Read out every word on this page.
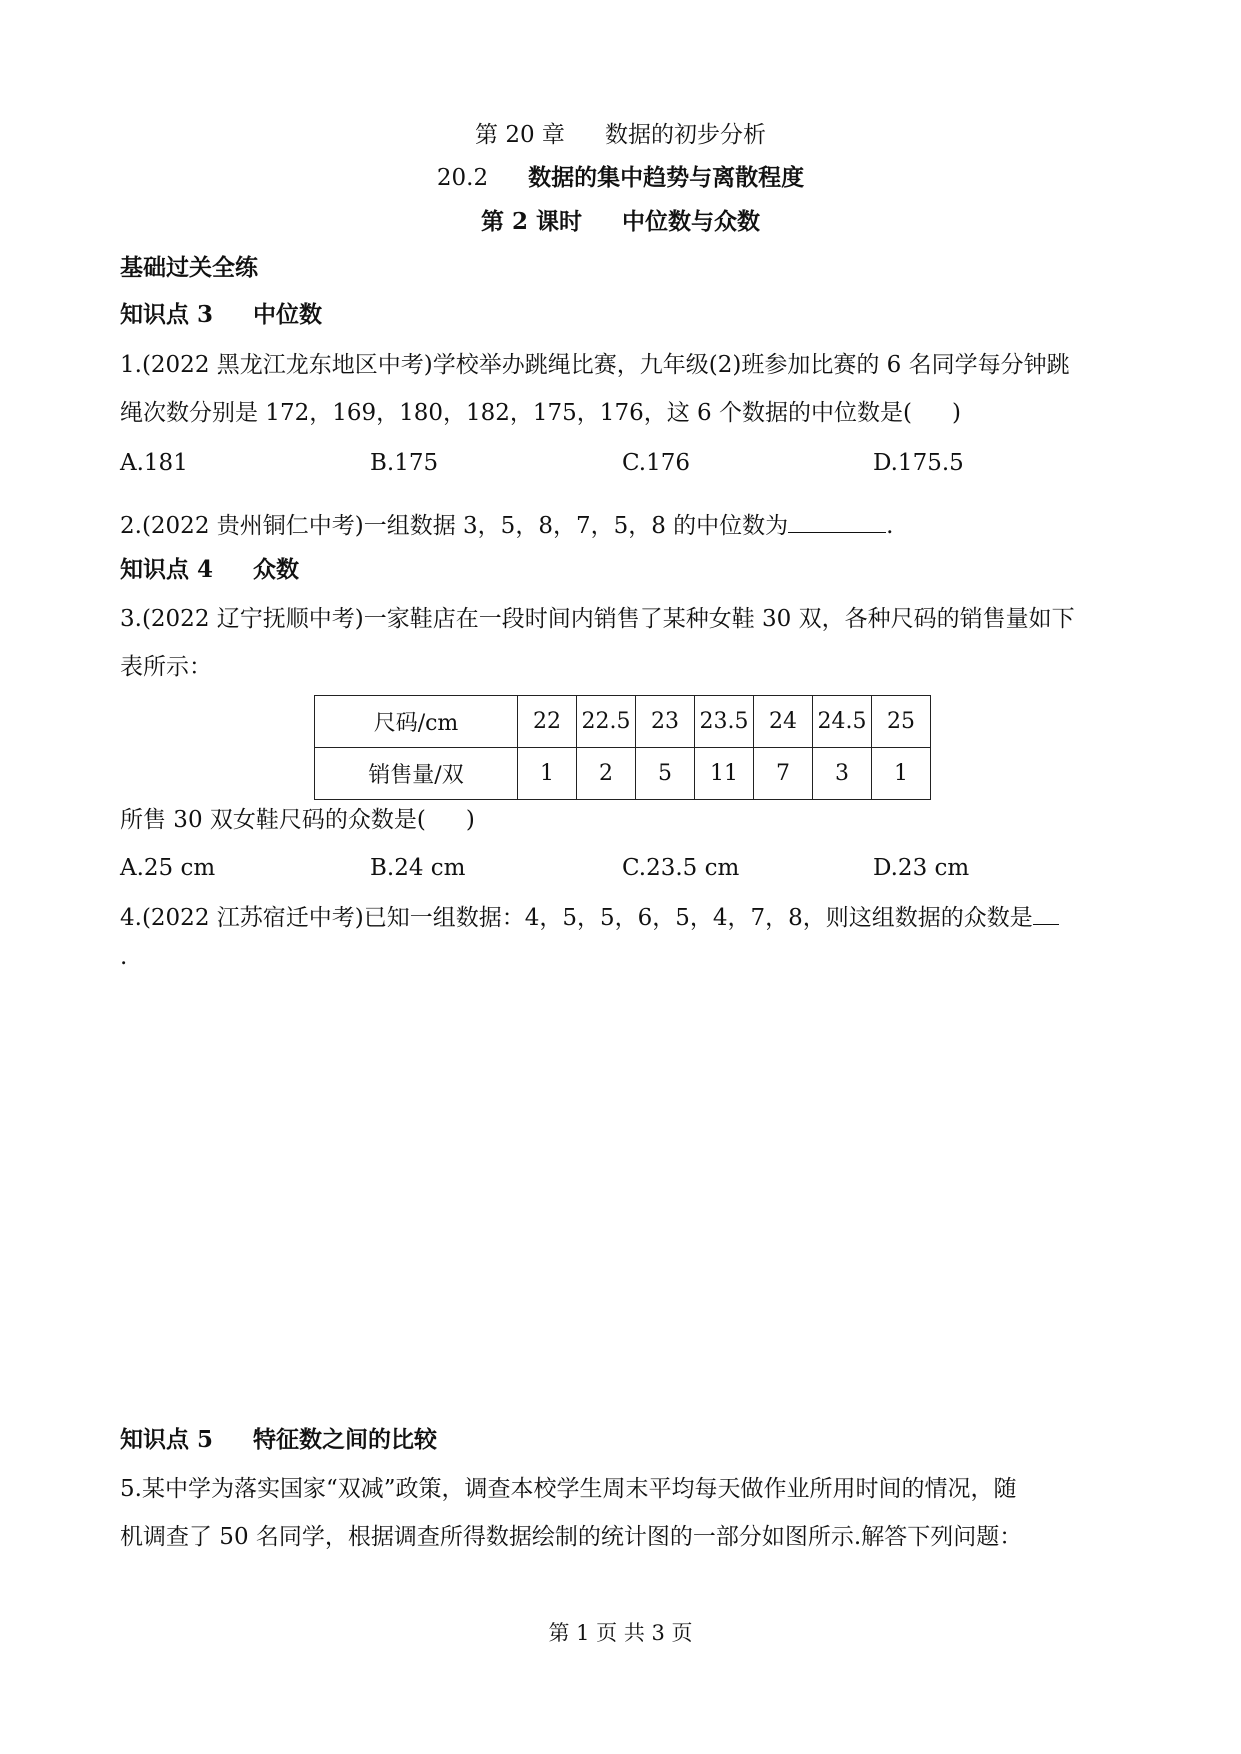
第 20 章 数据的初步分析
20.2 数据的集中趋势与离散程度
第 2 课时 中位数与众数
基础过关全练
知识点 3 中位数
1.(2022 黑龙江龙东地区中考)学校举办跳绳比赛，九年级(2)班参加比赛的 6 名同学每分钟跳
绳次数分别是 172，169，180，182，175，176，这 6 个数据的中位数是( )
A.181	B.175	C.176	D.175.5
2.(2022 贵州铜仁中考)一组数据 3，5，8，7，5，8 的中位数为	.
知识点 4 众数
3.(2022 辽宁抚顺中考)一家鞋店在一段时间内销售了某种女鞋 30 双，各种尺码的销售量如下
表所示：
尺码/cm	22	22.5	23	23.5	24	24.5	25
销售量/双	1	2	5	11	7	3	1
所售 30 双女鞋尺码的众数是( )
A.25 cm	B.24 cm	C.23.5 cm	D.23 cm
4.(2022 江苏宿迁中考)已知一组数据：4，5，5，6，5，4，7，8，则这组数据的众数是
.
知识点 5 特征数之间的比较
5.某中学为落实国家“双减”政策，调查本校学生周末平均每天做作业所用时间的情况，随
机调查了 50 名同学，根据调查所得数据绘制的统计图的一部分如图所示.解答下列问题：
第 1 页 共 3 页
